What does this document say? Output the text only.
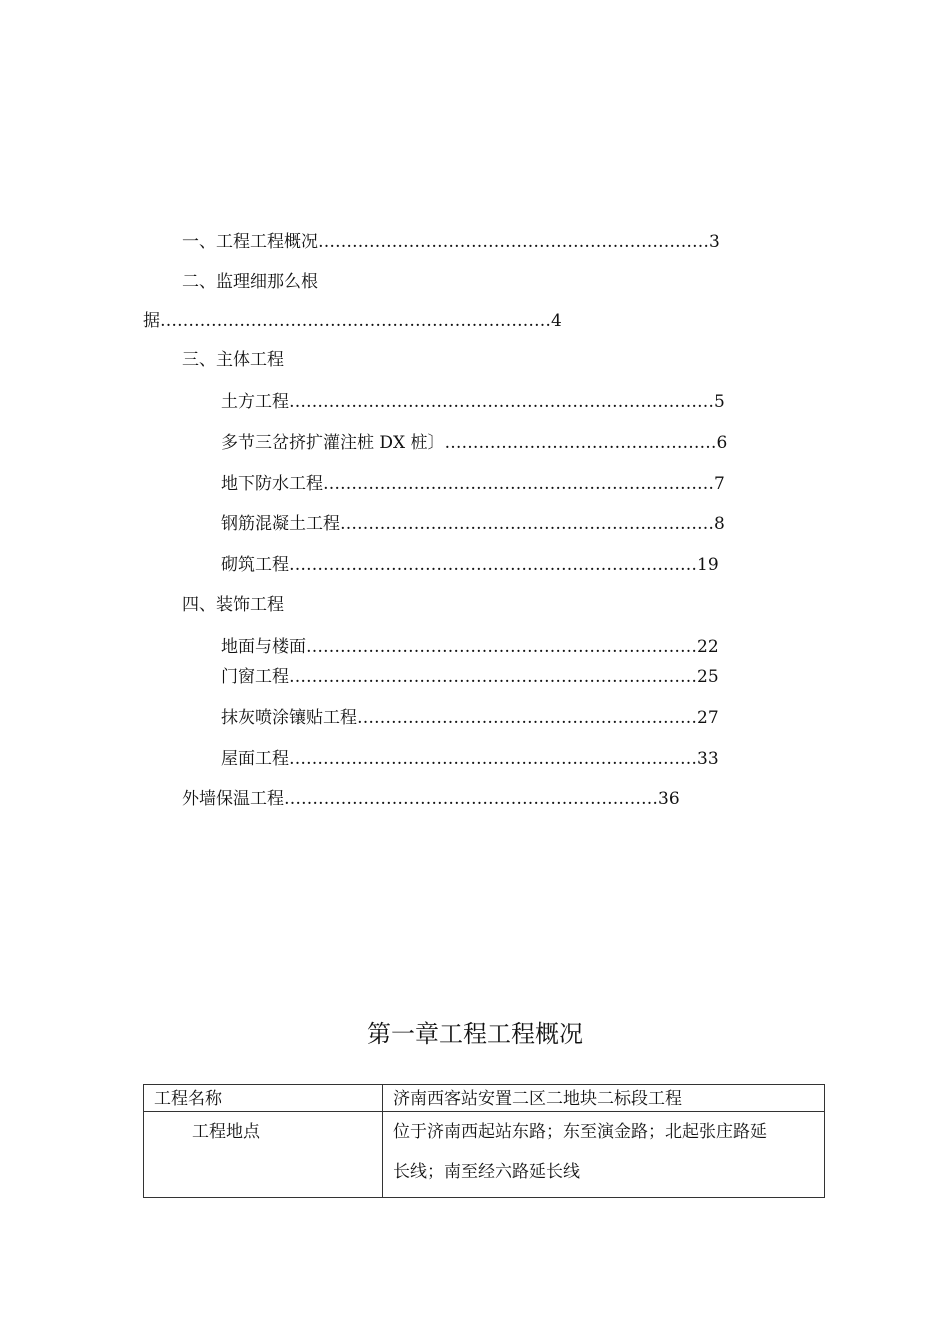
一、工程工程概况……………………………………………………………3
二、监理细那么根
据……………………………………………………………4
三、主体工程
土方工程…………………………………………………………………5
多节三岔挤扩灌注桩 DX 桩〕…………………………………………6
地下防水工程……………………………………………………………7
钢筋混凝土工程…………………………………………………………8
砌筑工程………………………………………………………………19
四、装饰工程
地面与楼面……………………………………………………………22
门窗工程………………………………………………………………25
抹灰喷涂镶贴工程……………………………………………………27
屋面工程………………………………………………………………33
外墙保温工程…………………………………………………………36
第一章工程工程概况
工程名称	济南西客站安置二区二地块二标段工程

工程地点	位于济南西起站东路；东至演金路；北起张庄路延
长线；南至经六路延长线
